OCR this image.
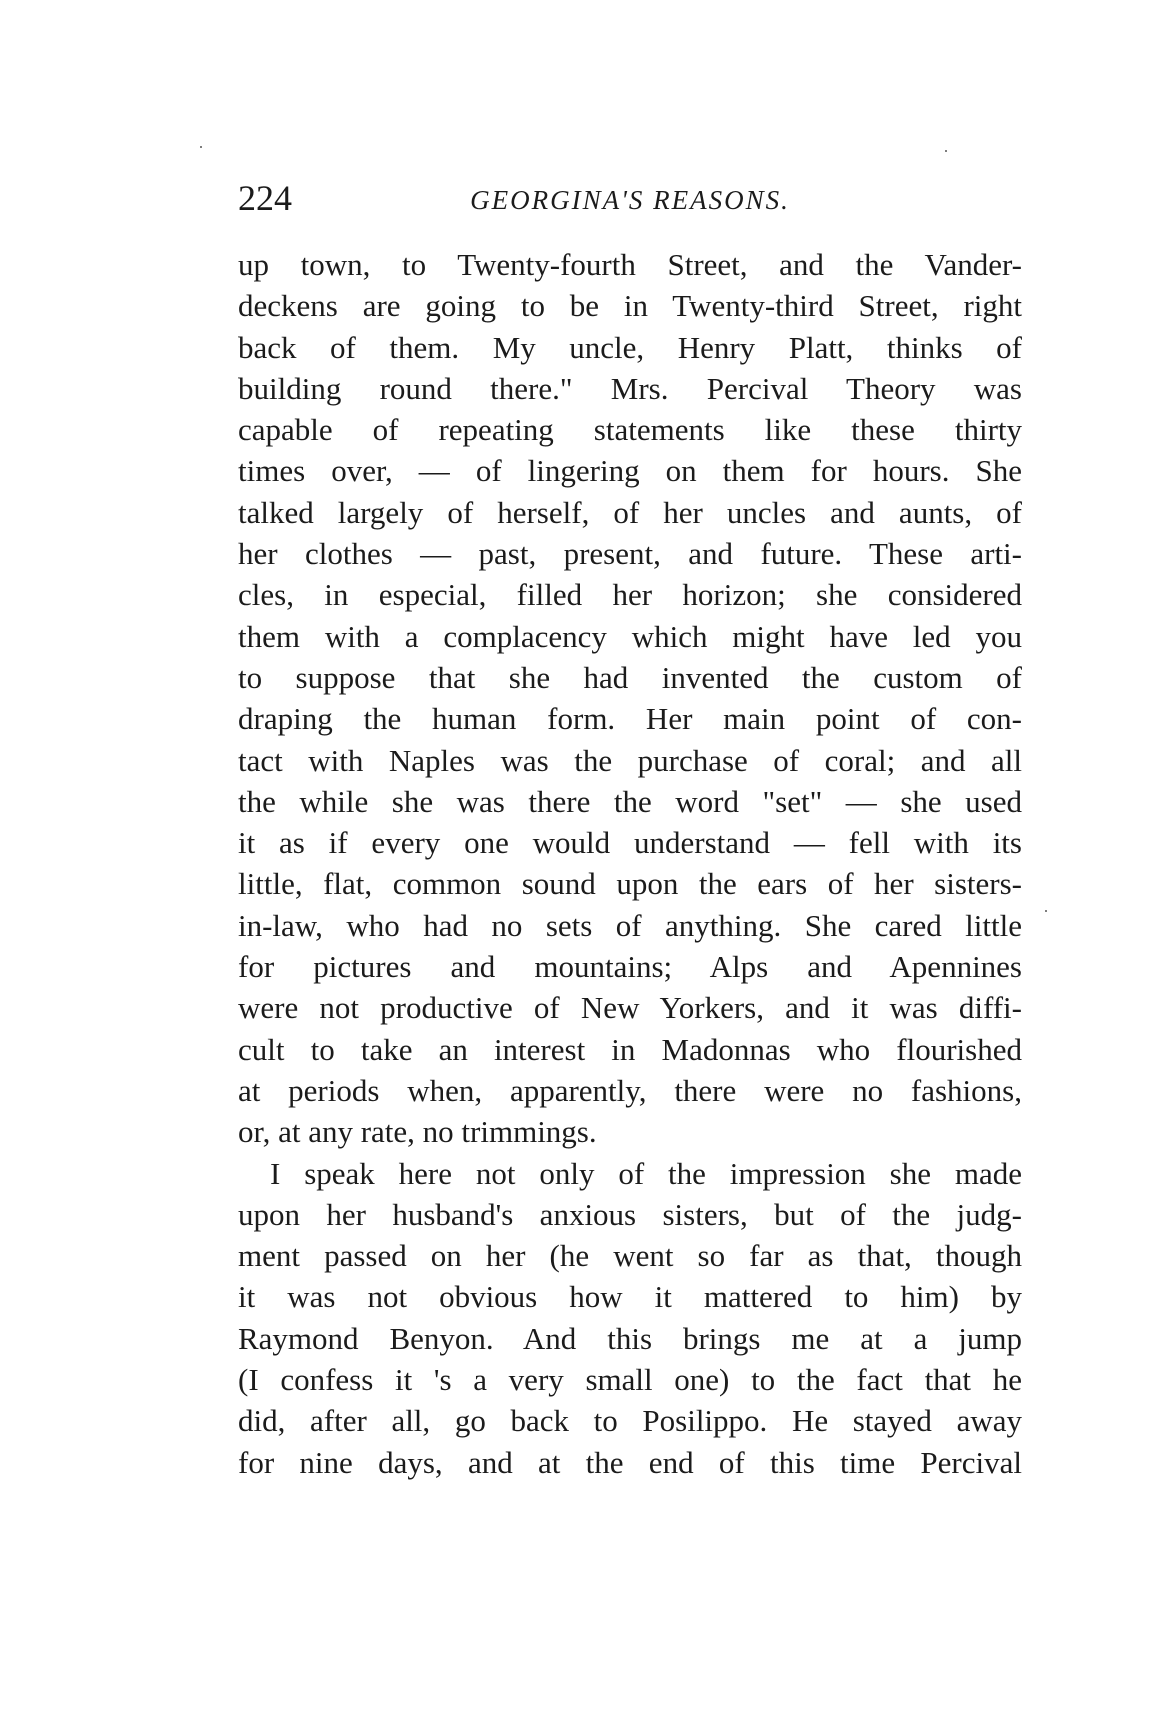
224	GEORGINA'S REASONS.
up town, to Twenty-fourth Street, and the Vander-
deckens are going to be in Twenty-third Street, right
back of them. My uncle, Henry Platt, thinks of
building round there." Mrs. Percival Theory was
capable of repeating statements like these thirty
times over, — of lingering on them for hours. She
talked largely of herself, of her uncles and aunts, of
her clothes — past, present, and future. These arti-
cles, in especial, filled her horizon; she considered
them with a complacency which might have led you
to suppose that she had invented the custom of
draping the human form. Her main point of con-
tact with Naples was the purchase of coral; and all
the while she was there the word "set" — she used
it as if every one would understand — fell with its
little, flat, common sound upon the ears of her sisters-
in-law, who had no sets of anything. She cared little
for pictures and mountains; Alps and Apennines
were not productive of New Yorkers, and it was diffi-
cult to take an interest in Madonnas who flourished
at periods when, apparently, there were no fashions,
or, at any rate, no trimmings.
I speak here not only of the impression she made
upon her husband's anxious sisters, but of the judg-
ment passed on her (he went so far as that, though
it was not obvious how it mattered to him) by
Raymond Benyon. And this brings me at a jump
(I confess it 's a very small one) to the fact that he
did, after all, go back to Posilippo. He stayed away
for nine days, and at the end of this time Percival
